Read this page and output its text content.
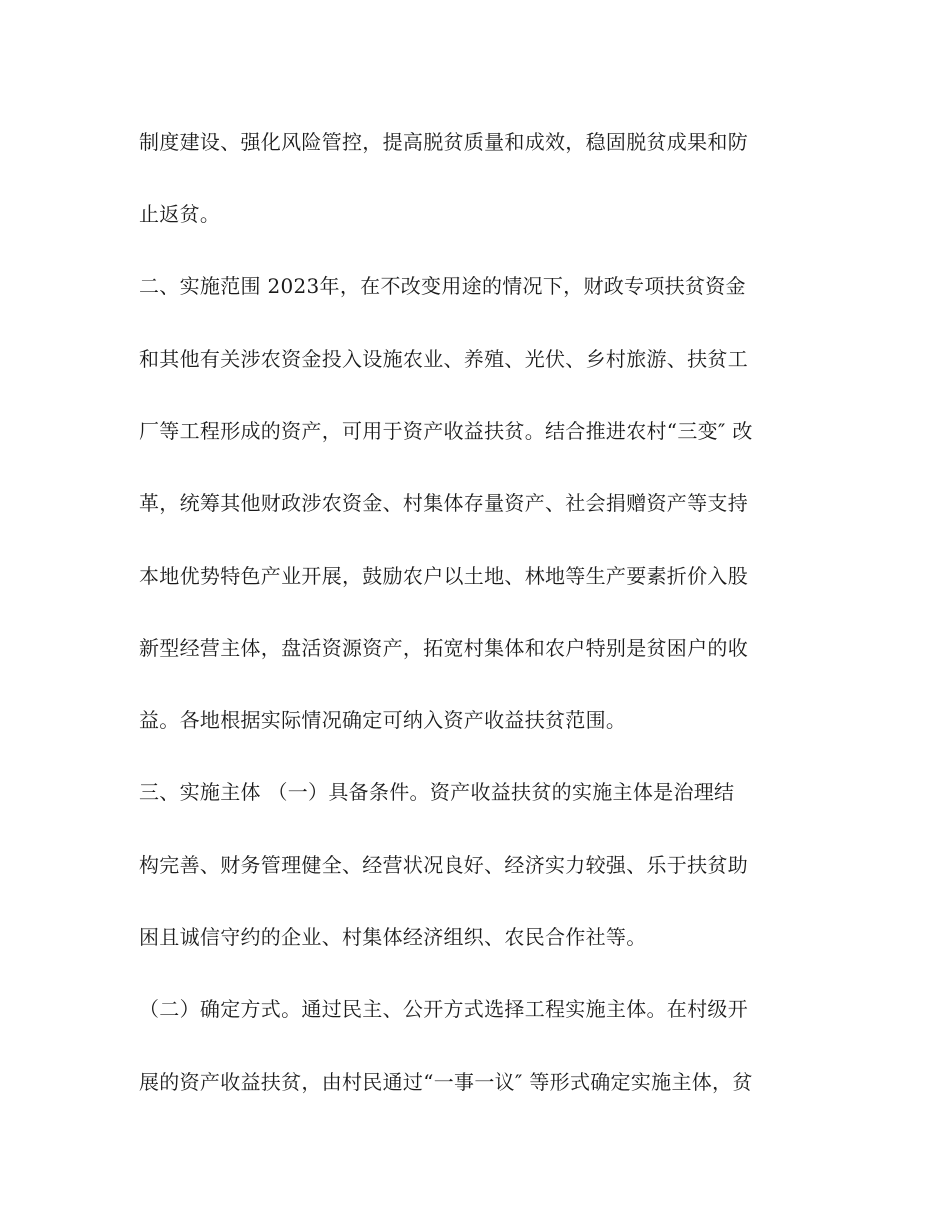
制度建设、强化风险管控，提高脱贫质量和成效，稳固脱贫成果和防
止返贫。
二、实施范围 2023年，在不改变用途的情况下，财政专项扶贫资金
和其他有关涉农资金投入设施农业、养殖、光伏、乡村旅游、扶贫工
厂等工程形成的资产，可用于资产收益扶贫。结合推进农村“三变″ 改
革，统筹其他财政涉农资金、村集体存量资产、社会捐赠资产等支持
本地优势特色产业开展，鼓励农户以土地、林地等生产要素折价入股
新型经营主体，盘活资源资产，拓宽村集体和农户特别是贫困户的收
益。各地根据实际情况确定可纳入资产收益扶贫范围。
三、实施主体 （一）具备条件。资产收益扶贫的实施主体是治理结
构完善、财务管理健全、经营状况良好、经济实力较强、乐于扶贫助
困且诚信守约的企业、村集体经济组织、农民合作社等。
（二）确定方式。通过民主、公开方式选择工程实施主体。在村级开
展的资产收益扶贫，由村民通过“一事一议″ 等形式确定实施主体，贫
